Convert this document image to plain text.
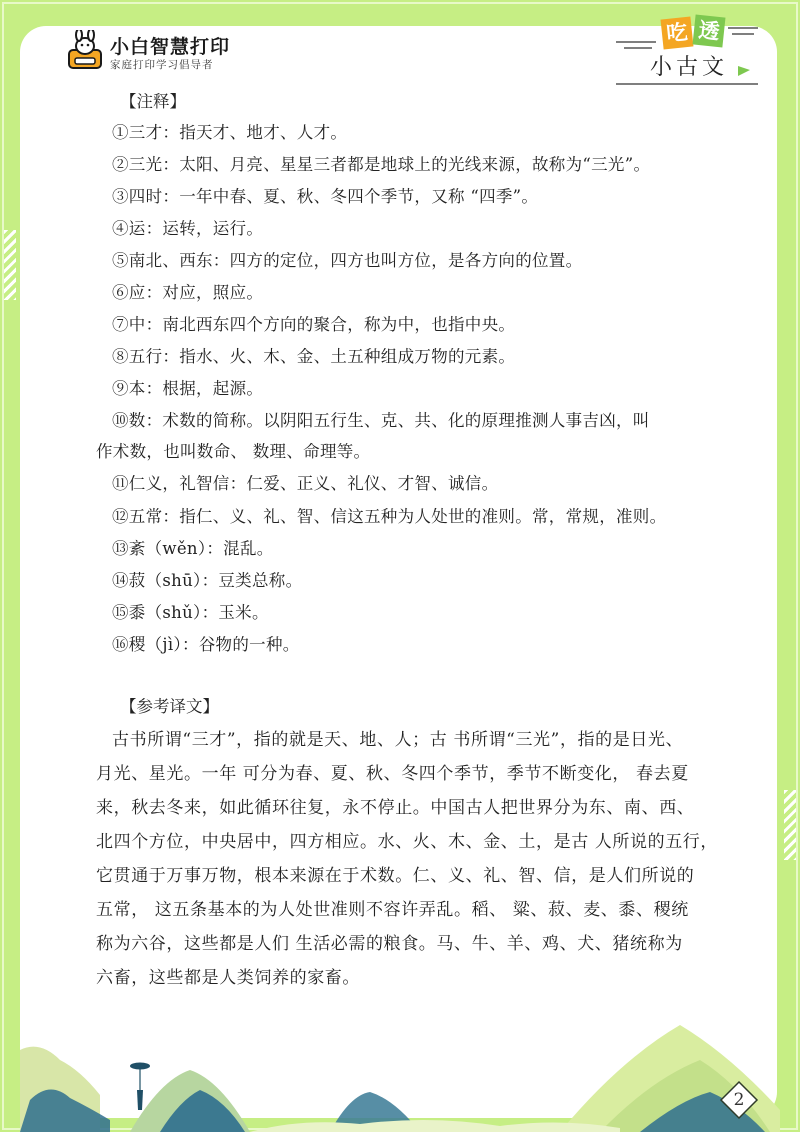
小白智慧打印
家庭打印学习倡导者
吃 透
小古文
【注释】
①三才：指天才、地才、人才。
②三光：太阳、月亮、星星三者都是地球上的光线来源，故称为“三光”。
③四时：一年中春、夏、秋、冬四个季节，又称 “四季”。
④运：运转，运行。
⑤南北、西东：四方的定位，四方也叫方位，是各方向的位置。
⑥应：对应，照应。
⑦中：南北西东四个方向的聚合，称为中，也指中央。
⑧五行：指水、火、木、金、土五种组成万物的元素。
⑨本：根据，起源。
⑩数：术数的简称。以阴阳五行生、克、共、化的原理推测人事吉凶，叫
作术数，也叫数命、 数理、命理等。
⑪仁义，礼智信：仁爱、正义、礼仪、才智、诚信。
⑫五常：指仁、义、礼、智、信这五种为人处世的准则。常，常规，准则。
⑬紊（wěn）：混乱。
⑭菽（shū）：豆类总称。
⑮黍（shǔ）：玉米。
⑯稷（jì）：谷物的一种。
【参考译文】
古书所谓“三才”，指的就是天、地、人；古 书所谓“三光”，指的是日光、
月光、星光。一年 可分为春、夏、秋、冬四个季节，季节不断变化， 春去夏
来，秋去冬来，如此循环往复，永不停止。中国古人把世界分为东、南、西、
北四个方位，中央居中，四方相应。水、火、木、金、土，是古 人所说的五行，
它贯通于万事万物，根本来源在于术数。仁、义、礼、智、信，是人们所说的
五常， 这五条基本的为人处世准则不容许弄乱。稻、 粱、菽、麦、黍、稷统
称为六谷，这些都是人们 生活必需的粮食。马、牛、羊、鸡、犬、猪统称为
六畜，这些都是人类饲养的家畜。
2
